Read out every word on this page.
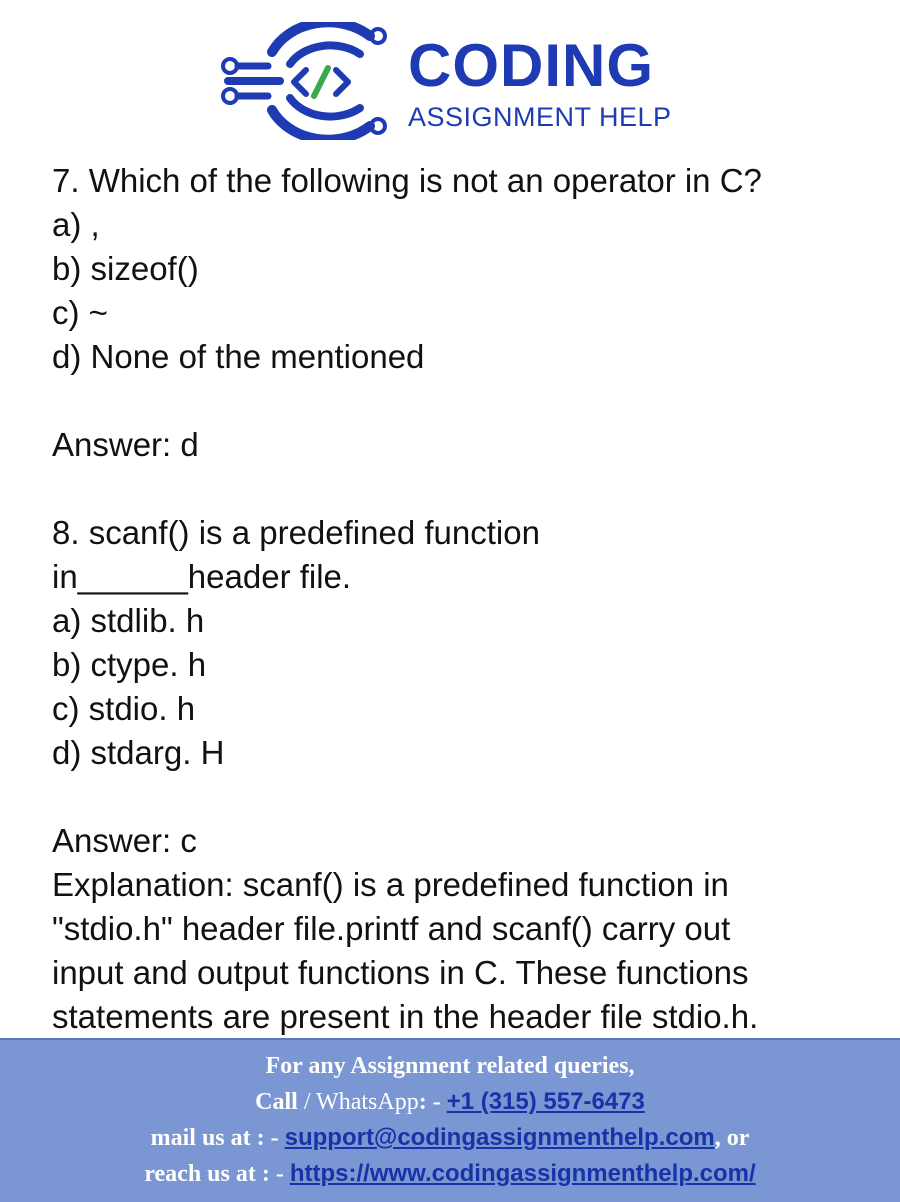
CODING
ASSIGNMENT HELP
7. Which of the following is not an operator in C?
a) ,
b) sizeof()
c) ~
d) None of the mentioned
Answer: d
8. scanf() is a predefined function
in______header file.
a) stdlib. h
b) ctype. h
c) stdio. h
d) stdarg. H
Answer: c
Explanation: scanf() is a predefined function in
"stdio.h" header file.printf and scanf() carry out
input and output functions in C. These functions
statements are present in the header file stdio.h.
For any Assignment related queries,
Call / WhatsApp: - +1 (315) 557-6473
mail us at : - support@codingassignmenthelp.com, or
reach us at : - https://www.codingassignmenthelp.com/
